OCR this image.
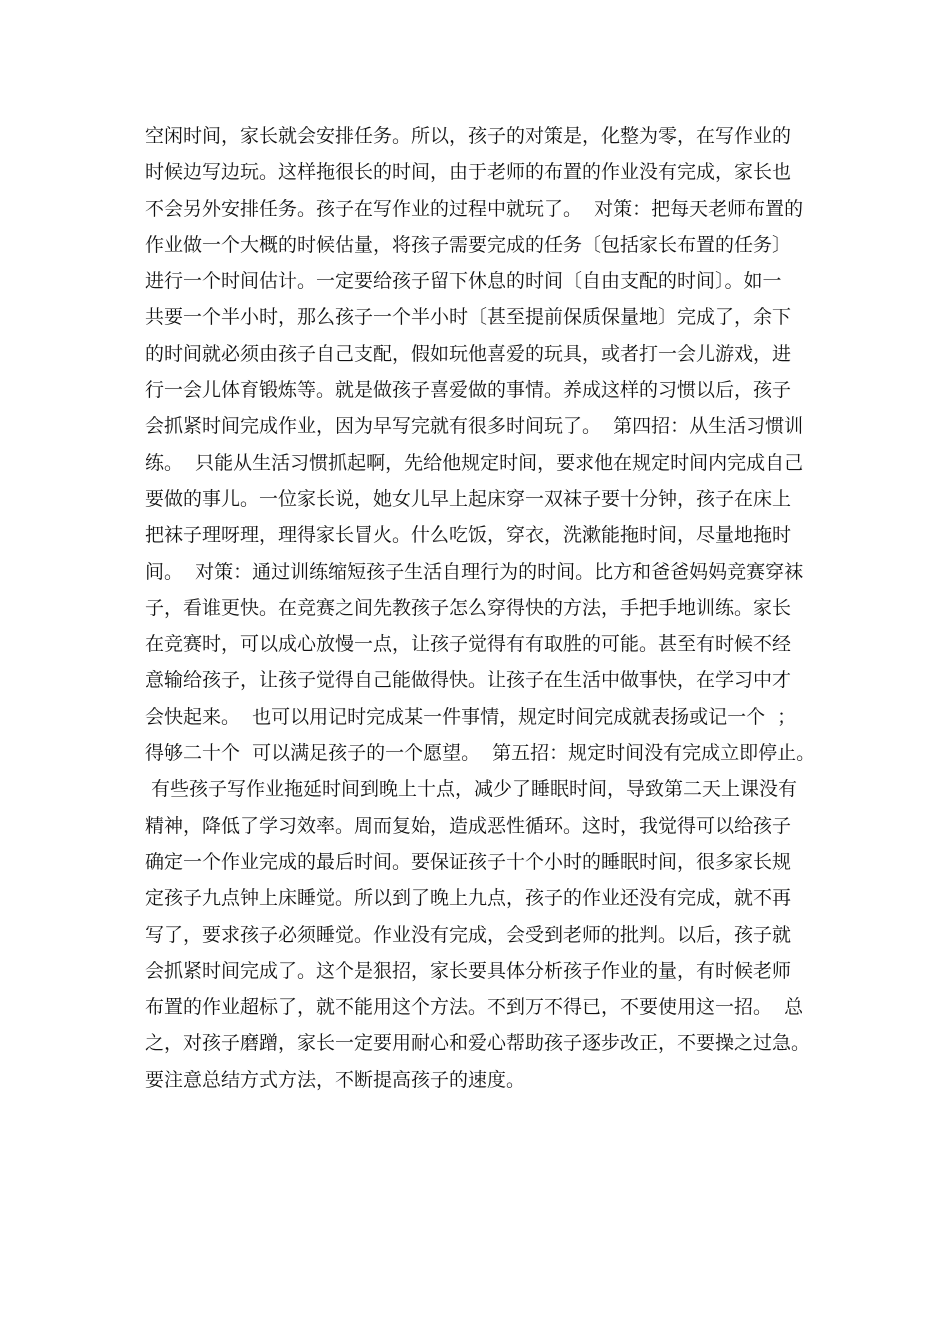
空闲时间，家长就会安排任务。所以，孩子的对策是，化整为零，在写作业的
时候边写边玩。这样拖很长的时间，由于老师的布置的作业没有完成，家长也
不会另外安排任务。孩子在写作业的过程中就玩了。  对策：把每天老师布置的
作业做一个大概的时候估量，将孩子需要完成的任务〔包括家长布置的任务〕
进行一个时间估计。一定要给孩子留下休息的时间〔自由支配的时间〕。如一
共要一个半小时，那么孩子一个半小时〔甚至提前保质保量地〕完成了，余下
的时间就必须由孩子自己支配，假如玩他喜爱的玩具，或者打一会儿游戏，进
行一会儿体育锻炼等。就是做孩子喜爱做的事情。养成这样的习惯以后，孩子
会抓紧时间完成作业，因为早写完就有很多时间玩了。  第四招：从生活习惯训
练。  只能从生活习惯抓起啊，先给他规定时间，要求他在规定时间内完成自己
要做的事儿。一位家长说，她女儿早上起床穿一双袜子要十分钟，孩子在床上
把袜子理呀理，理得家长冒火。什么吃饭，穿衣，洗漱能拖时间，尽量地拖时
间。  对策：通过训练缩短孩子生活自理行为的时间。比方和爸爸妈妈竞赛穿袜
子，看谁更快。在竞赛之间先教孩子怎么穿得快的方法，手把手地训练。家长
在竞赛时，可以成心放慢一点，让孩子觉得有有取胜的可能。甚至有时候不经
意输给孩子，让孩子觉得自己能做得快。让孩子在生活中做事快，在学习中才
会快起来。  也可以用记时完成某一件事情，规定时间完成就表扬或记一个  ；
得够二十个  可以满足孩子的一个愿望。  第五招：规定时间没有完成立即停止。
有些孩子写作业拖延时间到晚上十点，减少了睡眠时间，导致第二天上课没有
精神，降低了学习效率。周而复始，造成恶性循环。这时，我觉得可以给孩子
确定一个作业完成的最后时间。要保证孩子十个小时的睡眠时间，很多家长规
定孩子九点钟上床睡觉。所以到了晚上九点，孩子的作业还没有完成，就不再
写了，要求孩子必须睡觉。作业没有完成，会受到老师的批判。以后，孩子就
会抓紧时间完成了。这个是狠招，家长要具体分析孩子作业的量，有时候老师
布置的作业超标了，就不能用这个方法。不到万不得已，不要使用这一招。  总
之，对孩子磨蹭，家长一定要用耐心和爱心帮助孩子逐步改正，不要操之过急。
要注意总结方式方法，不断提高孩子的速度。
